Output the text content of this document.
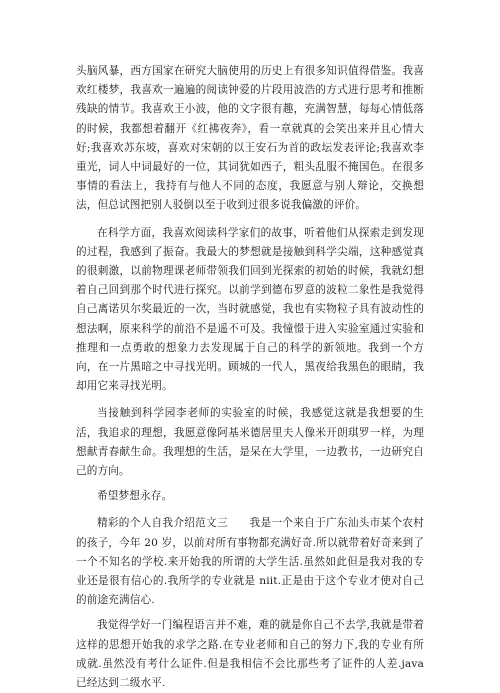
头脑风暴，西方国家在研究大脑使用的历史上有很多知识值得借鉴。我喜欢红楼梦，我喜欢一遍遍的阅读钟爱的片段用波浩的方式进行思考和推断残缺的情节。我喜欢王小波，他的文字很有趣，充满智慧，每每心情低落的时候，我都想着翻开《红拂夜奔》，看一章就真的会笑出来并且心情大好;我喜欢苏东坡，喜欢对宋朝的以王安石为首的政坛发表评论;我喜欢李重光，词人中词最好的一位，其词犹如西子，粗头乱服不掩国色。在很多事情的看法上，我持有与他人不同的态度，我愿意与别人辩论，交换想法，但总试图把别人驳倒以至于收到过很多说我偏激的评价。

在科学方面，我喜欢阅读科学家们的故事，听着他们从探索走到发现的过程，我感到了振奋。我最大的梦想就是接触到科学尖端，这种感觉真的很刺激，以前物理课老师带领我们回到光探索的初始的时候，我就幻想着自己回到那个时代进行探究。以前学到德布罗意的波粒二象性是我觉得自己离诺贝尔奖最近的一次，当时就感觉，我也有实物粒子具有波动性的想法啊，原来科学的前沿不是遥不可及。我憧憬于进入实验室通过实验和推理和一点勇敢的想象力去发现属于自己的科学的新领地。我到一个方向，在一片黑暗之中寻找光明。顾城的一代人，黑夜给我黑色的眼睛，我却用它来寻找光明。

当接触到科学园李老师的实验室的时候，我感觉这就是我想要的生活，我追求的理想，我愿意像阿基米德居里夫人像米开朗琪罗一样，为理想献青春献生命。我理想的生活，是呆在大学里，一边教书，一边研究自己的方向。

希望梦想永存。

精彩的个人自我介绍范文三　　我是一个来自于广东汕头市某个农村的孩子，今年 20 岁，以前对所有事物都充满好奇.所以就带着好奇来到了一个不知名的学校.来开始我的所谓的大学生活.虽然如此但是我对我的专业还是很有信心的.我所学的专业就是 niit.正是由于这个专业才使对自己的前途充满信心.

我觉得学好一门编程语言并不难，难的就是你自己不去学,我就是带着这样的思想开始我的求学之路.在专业老师和自己的努力下,我的专业有所成就.虽然没有考什么证件.但是我相信不会比那些考了证件的人差.java 已经达到二级水平.
